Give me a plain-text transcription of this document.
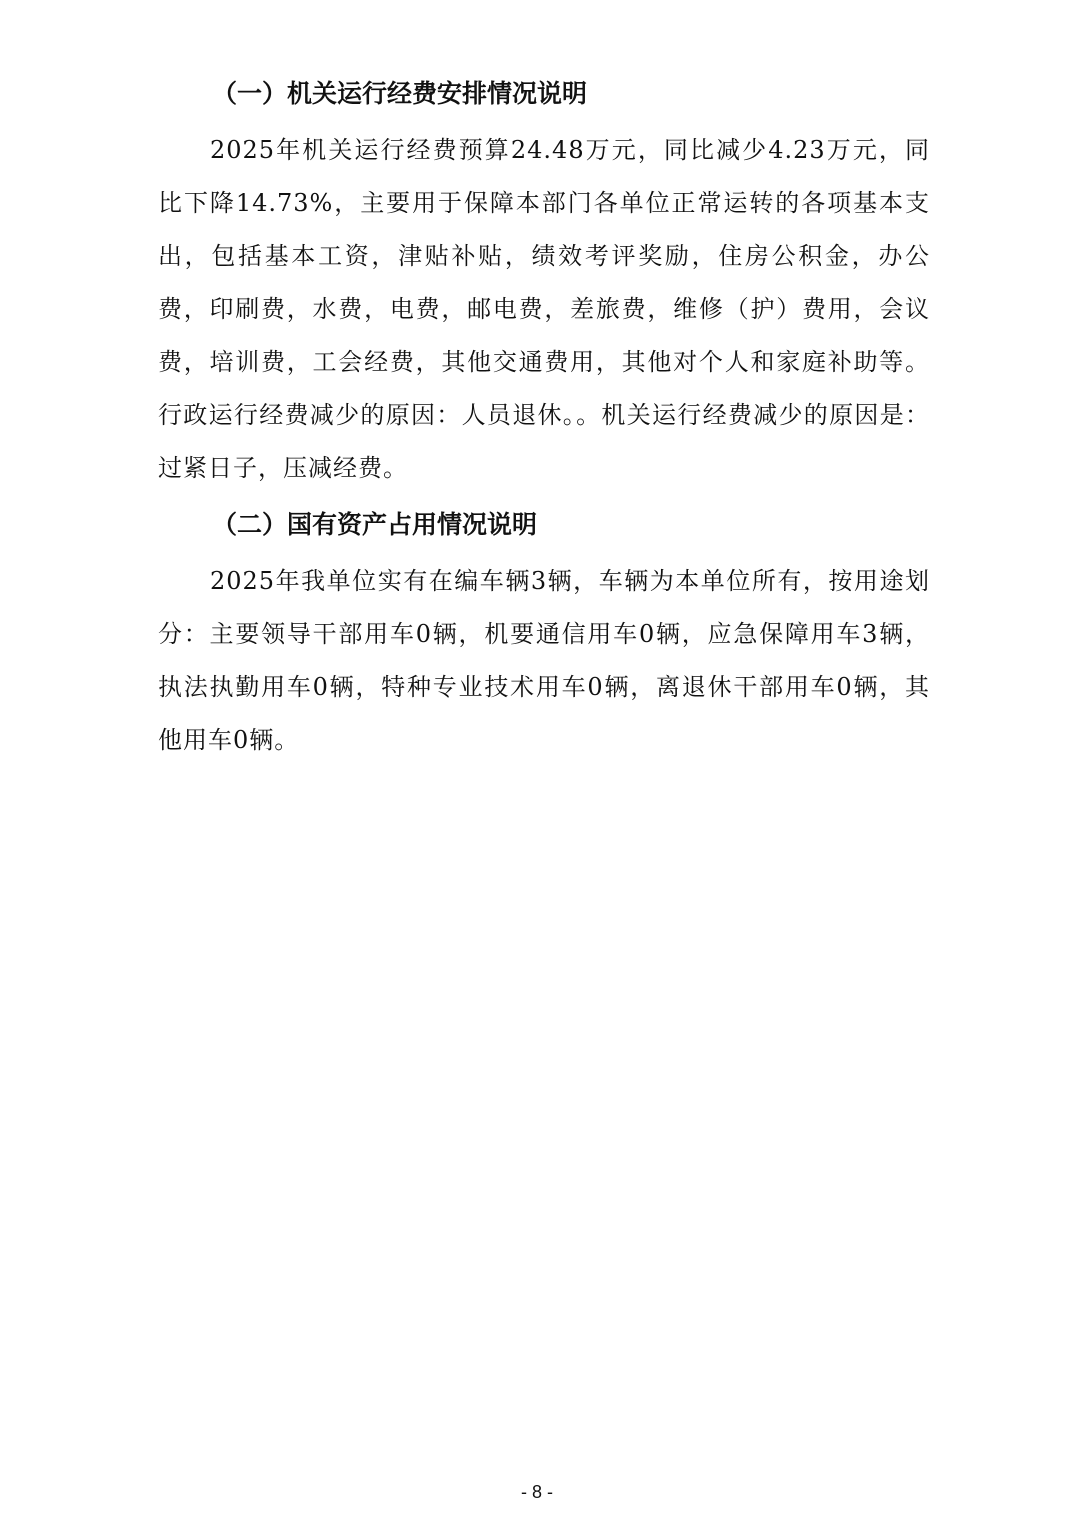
（一）机关运行经费安排情况说明

2025年机关运行经费预算24.48万元，同比减少4.23万元，同比下降14.73%，主要用于保障本部门各单位正常运转的各项基本支出，包括基本工资，津贴补贴，绩效考评奖励，住房公积金，办公费，印刷费，水费，电费，邮电费，差旅费，维修（护）费用，会议费，培训费，工会经费，其他交通费用，其他对个人和家庭补助等。行政运行经费减少的原因：人员退休。。机关运行经费减少的原因是：过紧日子，压减经费。

（二）国有资产占用情况说明

2025年我单位实有在编车辆3辆，车辆为本单位所有，按用途划分：主要领导干部用车0辆，机要通信用车0辆，应急保障用车3辆，执法执勤用车0辆，特种专业技术用车0辆，离退休干部用车0辆，其他用车0辆。

- 8 -
